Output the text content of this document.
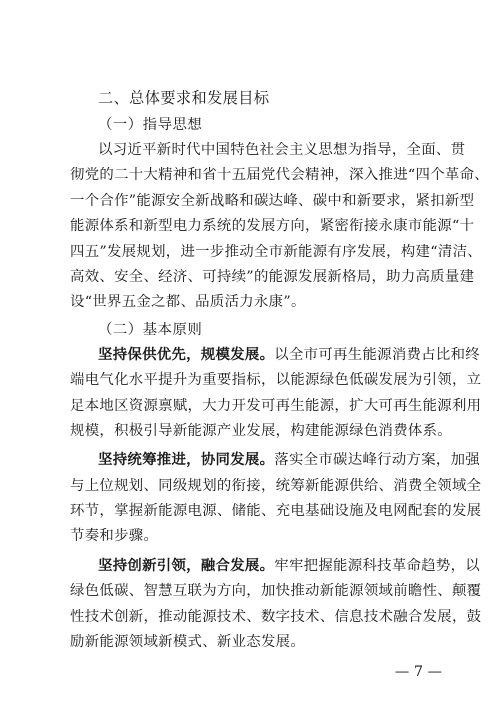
二、总体要求和发展目标
（一）指导思想
以习近平新时代中国特色社会主义思想为指导，全面、贯
彻党的二十大精神和省十五届党代会精神，深入推进“四个革命、
一个合作”能源安全新战略和碳达峰、碳中和新要求，紧扣新型
能源体系和新型电力系统的发展方向，紧密衔接永康市能源“十
四五”发展规划，进一步推动全市新能源有序发展，构建“清洁、
高效、安全、经济、可持续”的能源发展新格局，助力高质量建
设“世界五金之都、品质活力永康”。
（二）基本原则
坚持保供优先，规模发展。以全市可再生能源消费占比和终
端电气化水平提升为重要指标，以能源绿色低碳发展为引领，立
足本地区资源禀赋，大力开发可再生能源，扩大可再生能源利用
规模，积极引导新能源产业发展，构建能源绿色消费体系。
坚持统筹推进，协同发展。落实全市碳达峰行动方案，加强
与上位规划、同级规划的衔接，统筹新能源供给、消费全领域全
环节，掌握新能源电源、储能、充电基础设施及电网配套的发展
节奏和步骤。
坚持创新引领，融合发展。牢牢把握能源科技革命趋势，以
绿色低碳、智慧互联为方向，加快推动新能源领域前瞻性、颠覆
性技术创新，推动能源技术、数字技术、信息技术融合发展，鼓
励新能源领域新模式、新业态发展。
— 7 —
